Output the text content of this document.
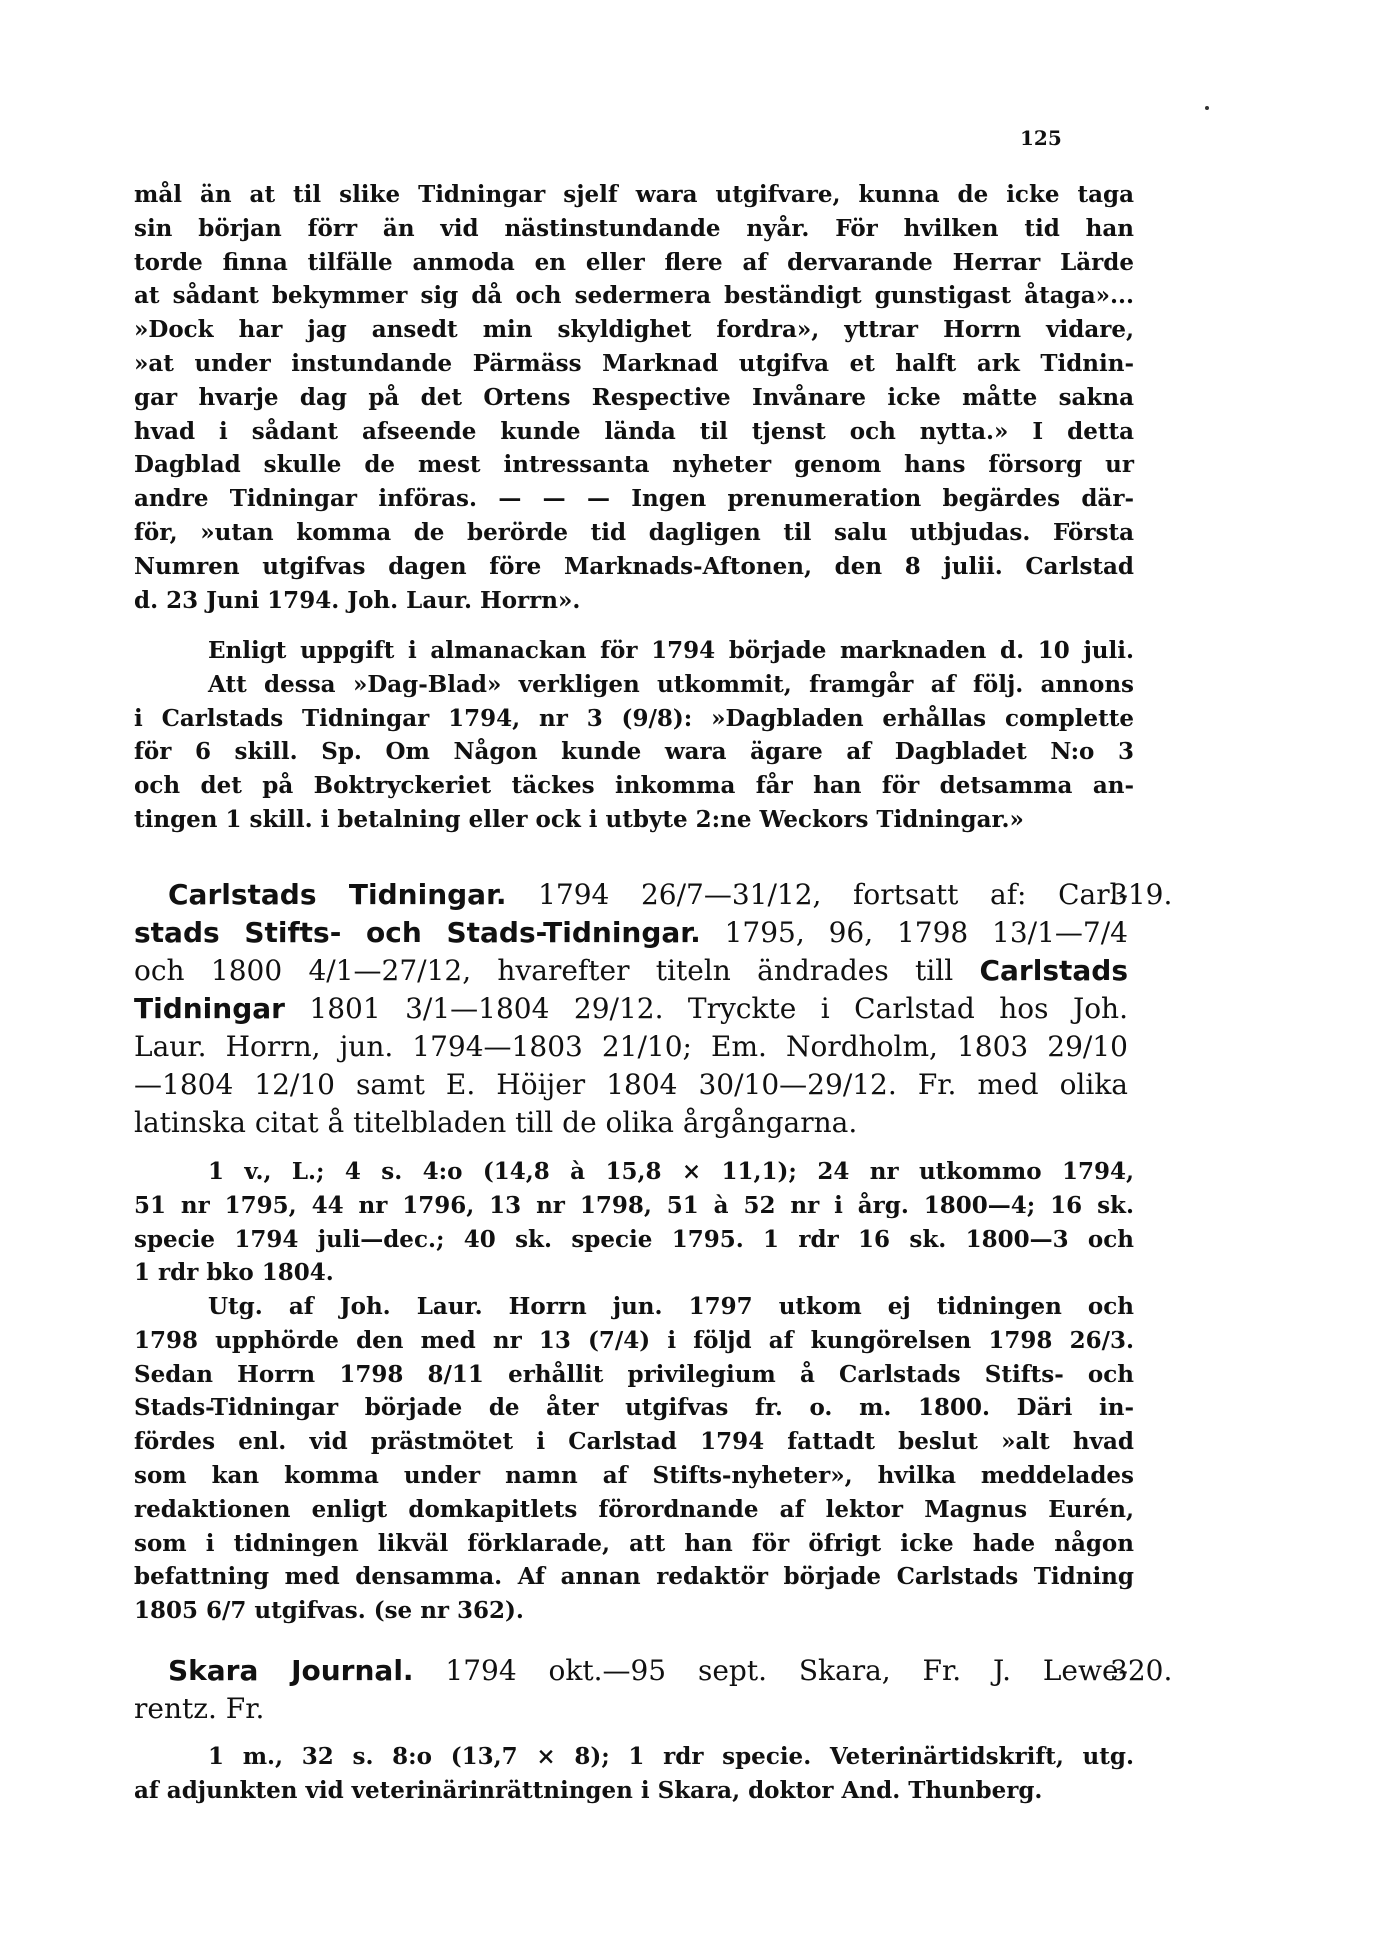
125
mål än at til slike Tidningar sjelf wara utgifvare, kunna de icke taga
sin början förr än vid nästinstundande nyår. För hvilken tid han
torde finna tilfälle anmoda en eller flere af dervarande Herrar Lärde
at sådant bekymmer sig då och sedermera beständigt gunstigast åtaga»...
»Dock har jag ansedt min skyldighet fordra», yttrar Horrn vidare,
»at under instundande Pärmäss Marknad utgifva et halft ark Tidnin-
gar hvarje dag på det Ortens Respective Invånare icke måtte sakna
hvad i sådant afseende kunde lända til tjenst och nytta.» I detta
Dagblad skulle de mest intressanta nyheter genom hans försorg ur
andre Tidningar införas. — — — Ingen prenumeration begärdes där-
för, »utan komma de berörde tid dagligen til salu utbjudas. Första
Numren utgifvas dagen före Marknads-Aftonen, den 8 julii. Carlstad
d. 23 Juni 1794. Joh. Laur. Horrn».
Enligt uppgift i almanackan för 1794 började marknaden d. 10 juli.
Att dessa »Dag-Blad» verkligen utkommit, framgår af följ. annons
i Carlstads Tidningar 1794, nr 3 (9/8): »Dagbladen erhållas complette
för 6 skill. Sp. Om Någon kunde wara ägare af Dagbladet N:o 3
och det på Boktryckeriet täckes inkomma får han för detsamma an-
tingen 1 skill. i betalning eller ock i utbyte 2:ne Weckors Tidningar.»
319.
Carlstads Tidningar. 1794 26/7—31/12, fortsatt af: Carl-
stads Stifts- och Stads-Tidningar. 1795, 96, 1798 13/1—7/4
och 1800 4/1—27/12, hvarefter titeln ändrades till Carlstads
Tidningar 1801 3/1—1804 29/12. Tryckte i Carlstad hos Joh.
Laur. Horrn, jun. 1794—1803 21/10; Em. Nordholm, 1803 29/10
—1804 12/10 samt E. Höijer 1804 30/10—29/12. Fr. med olika
latinska citat å titelbladen till de olika årgångarna.
1 v., L.; 4 s. 4:o (14,8 à 15,8 × 11,1); 24 nr utkommo 1794,
51 nr 1795, 44 nr 1796, 13 nr 1798, 51 à 52 nr i årg. 1800—4; 16 sk.
specie 1794 juli—dec.; 40 sk. specie 1795. 1 rdr 16 sk. 1800—3 och
1 rdr bko 1804.
Utg. af Joh. Laur. Horrn jun. 1797 utkom ej tidningen och
1798 upphörde den med nr 13 (7/4) i följd af kungörelsen 1798 26/3.
Sedan Horrn 1798 8/11 erhållit privilegium å Carlstads Stifts- och
Stads-Tidningar började de åter utgifvas fr. o. m. 1800. Däri in-
fördes enl. vid prästmötet i Carlstad 1794 fattadt beslut »alt hvad
som kan komma under namn af Stifts-nyheter», hvilka meddelades
redaktionen enligt domkapitlets förordnande af lektor Magnus Eurén,
som i tidningen likväl förklarade, att han för öfrigt icke hade någon
befattning med densamma. Af annan redaktör började Carlstads Tidning
1805 6/7 utgifvas. (se nr 362).
320.
Skara Journal. 1794 okt.—95 sept. Skara, Fr. J. Lewe-
rentz. Fr.
1 m., 32 s. 8:o (13,7 × 8); 1 rdr specie. Veterinärtidskrift, utg.
af adjunkten vid veterinärinrättningen i Skara, doktor And. Thunberg.
